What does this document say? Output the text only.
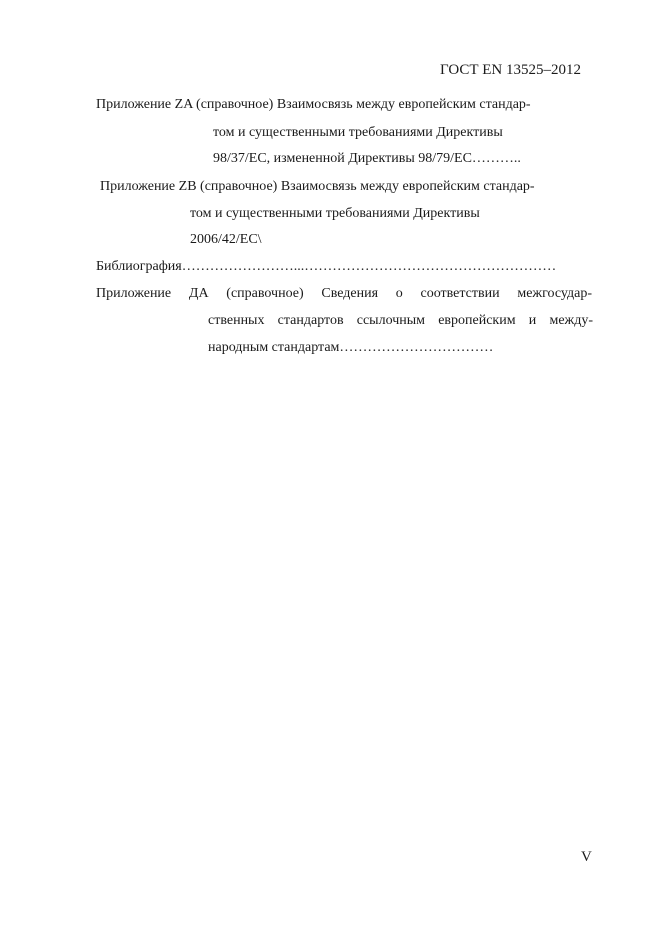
ГОСТ EN 13525–2012
Приложение ZA (справочное) Взаимосвязь между европейским стандар-
том и существенными требованиями Директивы
98/37/EC, измененной Директивы 98/79/EC………..
Приложение ZB (справочное) Взаимосвязь между европейским стандар-
том и существенными требованиями Директивы
2006/42/EC\
Библиография……………………...………………………………………………
Приложение ДА (справочное) Сведения о соответствии межгосудар-
ственных стандартов ссылочным европейским и между-
народным стандартам……………………………
V
